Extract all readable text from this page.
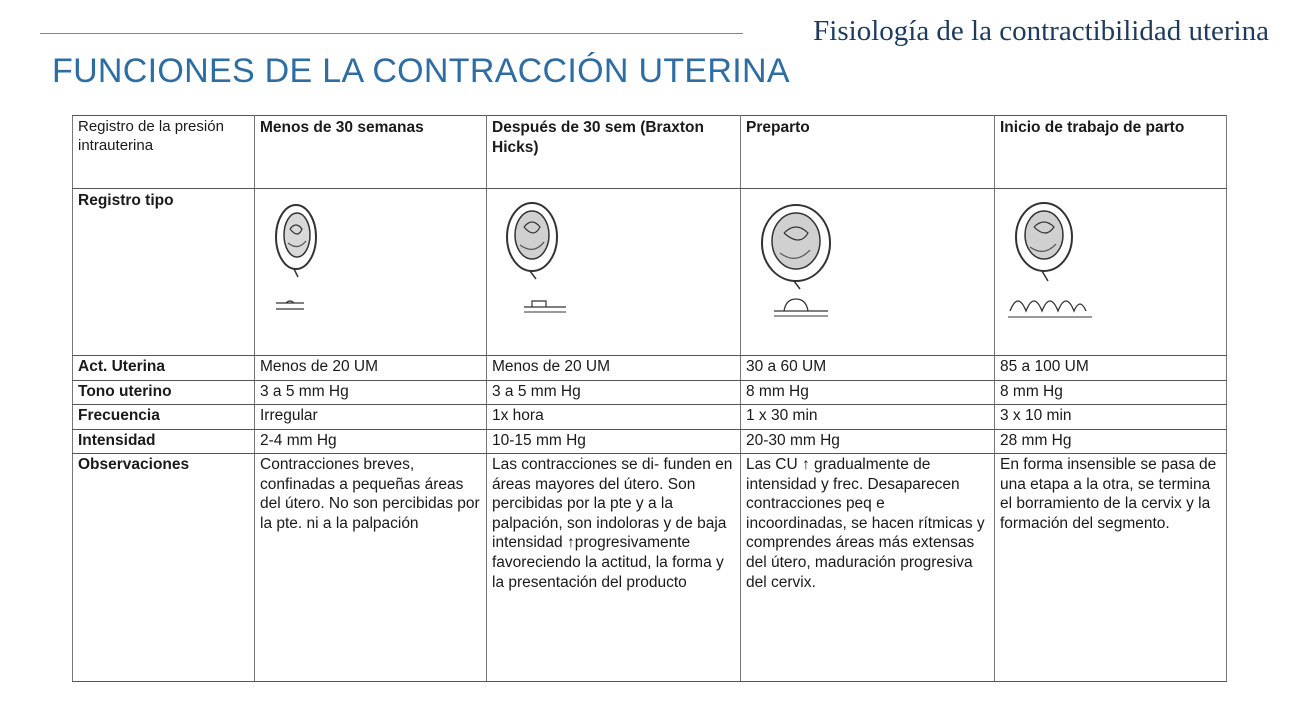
Fisiología de la contractibilidad uterina
FUNCIONES DE LA CONTRACCIÓN UTERINA
Registro de la presión intrauterina	Menos de 30 semanas	Después de 30 sem (Braxton Hicks)	Preparto	Inicio de trabajo de parto
Registro tipo	

Act. Uterina	Menos de 20 UM	Menos de 20 UM	30 a 60 UM	85 a 100 UM
Tono uterino	3 a 5 mm Hg	3 a 5 mm Hg	8 mm Hg	8 mm Hg
Frecuencia	Irregular	1x hora	1 x 30 min	3 x 10 min
Intensidad	2-4 mm Hg	10-15 mm Hg	20-30 mm Hg	28 mm Hg
Observaciones	Contracciones breves, confinadas a pequeñas áreas del útero. No son percibidas por la pte. ni a la palpación	Las contracciones se di- funden en áreas mayores del útero. Son percibidas por la pte y a la palpación, son indoloras y de baja intensidad ↑progresivamente favoreciendo la actitud, la forma y la presentación del producto	Las CU ↑ gradualmente de intensidad y frec. Desaparecen contracciones peq e incoordinadas, se hacen rítmicas y comprendes áreas más extensas del útero, maduración progresiva del cervix.	En forma insensible se pasa de una etapa a la otra, se termina el borramiento de la cervix y la formación del segmento.
